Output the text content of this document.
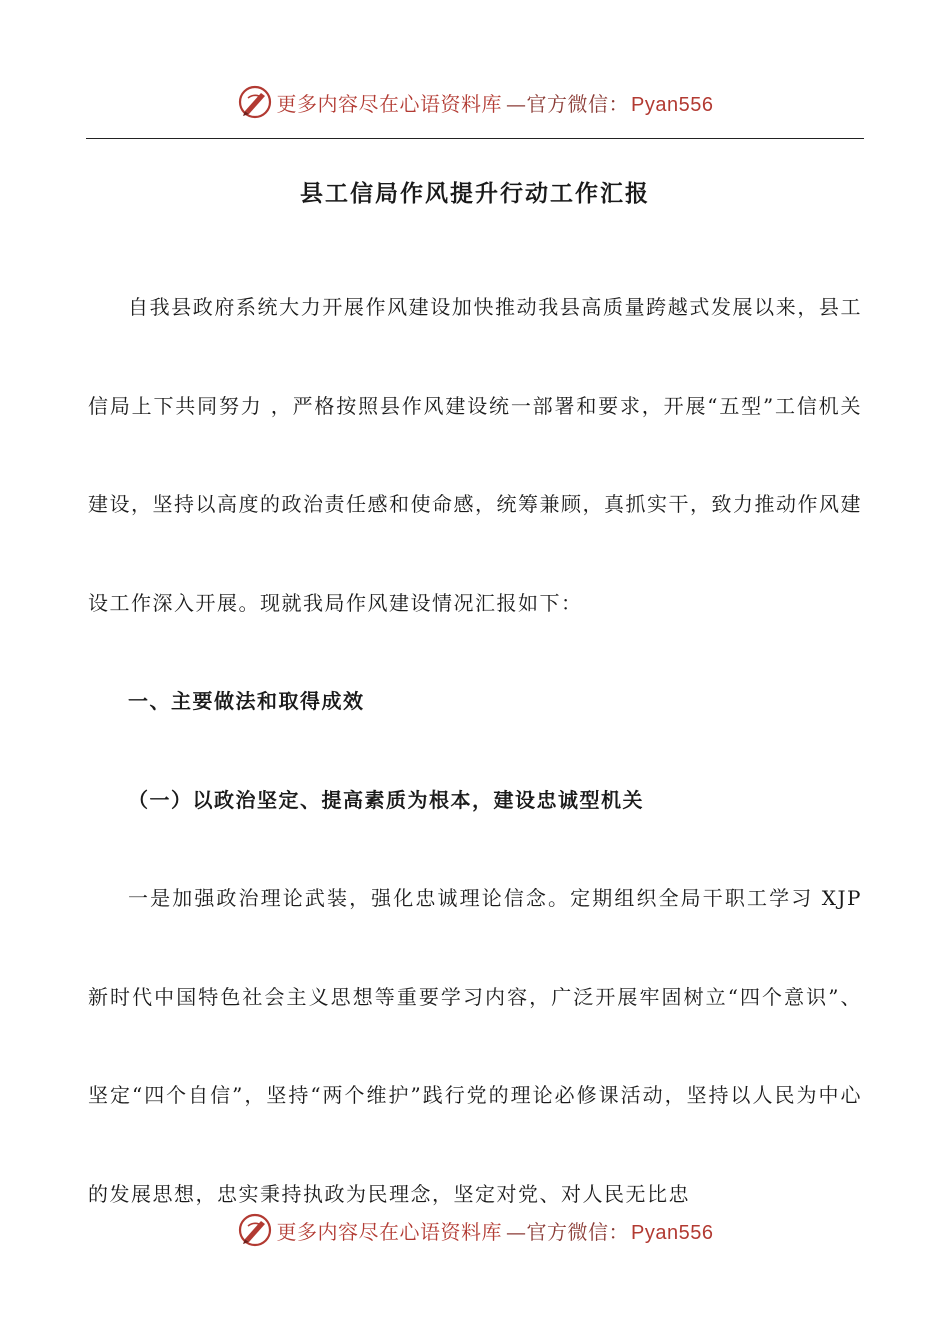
更多内容尽在心语资料库 —官方微信： Pyan556
县工信局作风提升行动工作汇报

自我县政府系统大力开展作风建设加快推动我县高质量跨越式发展以来，县工信局上下共同努力 ，严格按照县作风建设统一部署和要求，开展“五型”工信机关建设，坚持以高度的政治责任感和使命感，统筹兼顾，真抓实干，致力推动作风建设工作深入开展。现就我局作风建设情况汇报如下：

一、主要做法和取得成效

（一）以政治坚定、提高素质为根本，建设忠诚型机关

一是加强政治理论武装，强化忠诚理论信念。定期组织全局干职工学习 XJP新时代中国特色社会主义思想等重要学习内容，广泛开展牢固树立“四个意识”、坚定“四个自信”，坚持“两个维护”践行党的理论必修课活动，坚持以人民为中心的发展思想，忠实秉持执政为民理念，坚定对党、对人民无比忠

更多内容尽在心语资料库 —官方微信： Pyan556
